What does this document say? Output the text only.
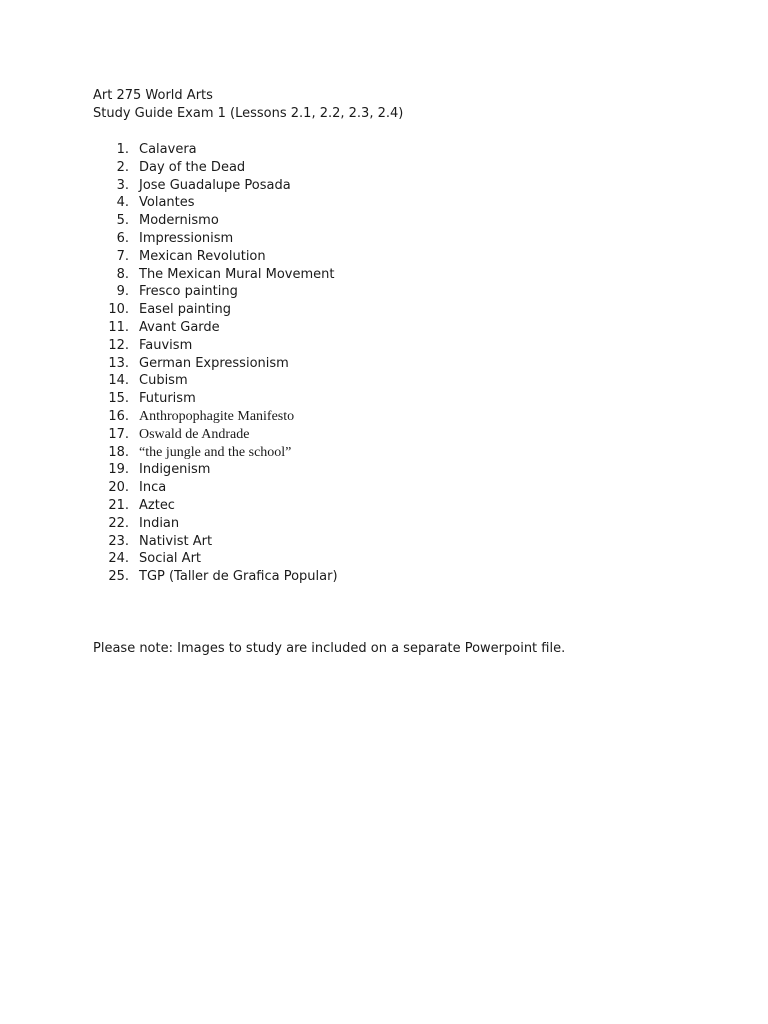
Art 275 World Arts
Study Guide Exam 1 (Lessons 2.1, 2.2, 2.3, 2.4)
1. Calavera
2. Day of the Dead
3. Jose Guadalupe Posada
4. Volantes
5. Modernismo
6. Impressionism
7. Mexican Revolution
8. The Mexican Mural Movement
9. Fresco painting
10. Easel painting
11. Avant Garde
12. Fauvism
13. German Expressionism
14. Cubism
15. Futurism
16. Anthropophagite Manifesto
17. Oswald de Andrade
18. “the jungle and the school”
19. Indigenism
20. Inca
21. Aztec
22. Indian
23. Nativist Art
24. Social Art
25. TGP (Taller de Grafica Popular)
Please note: Images to study are included on a separate Powerpoint file.
